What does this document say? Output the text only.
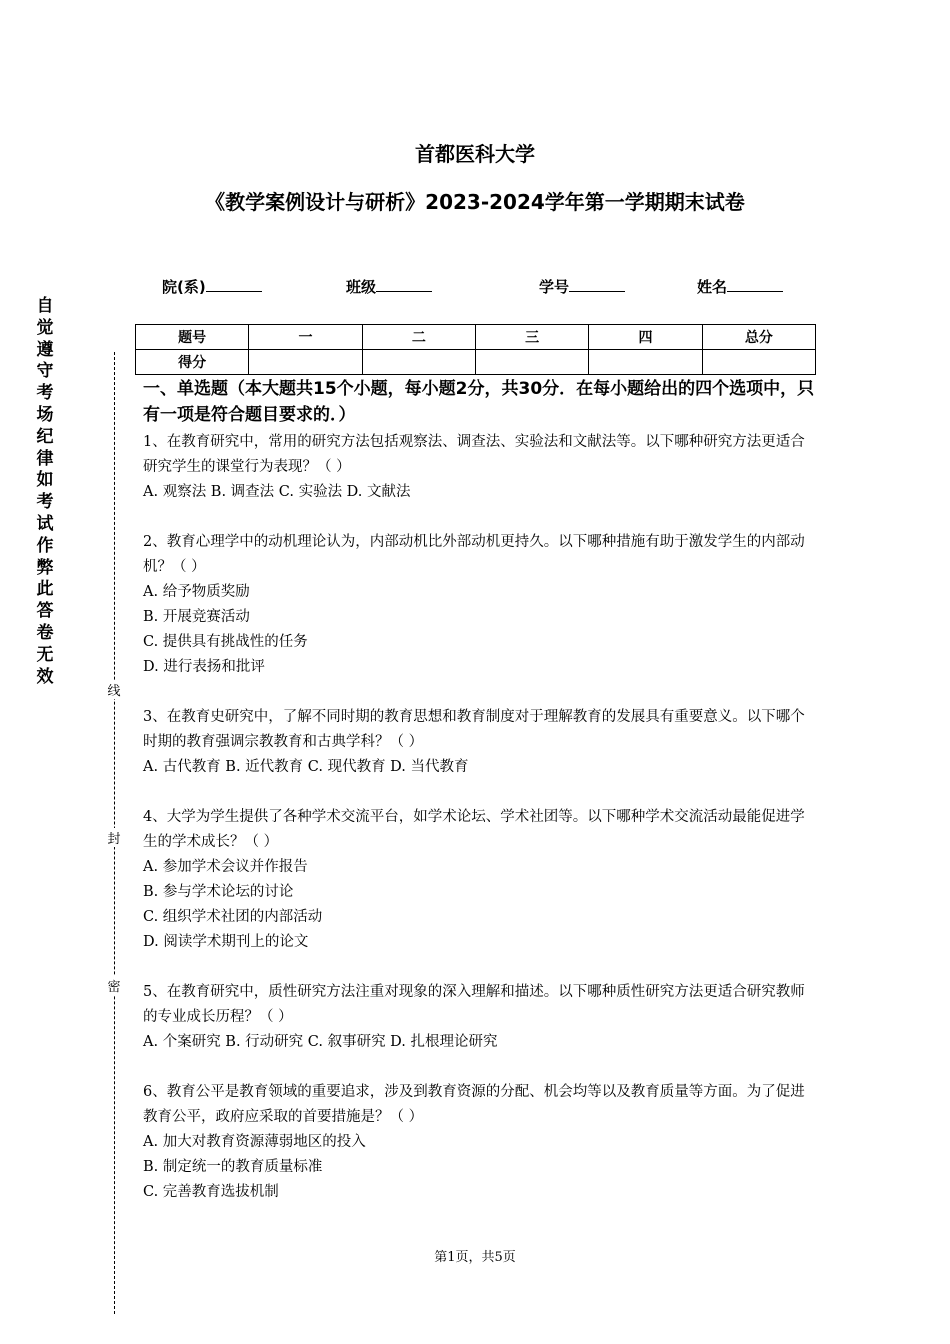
首都医科大学
《教学案例设计与研析》2023-2024学年第一学期期末试卷
院(系)	班级	学号	姓名
题号	一	二	三	四	总分
得分					
自觉遵守考场纪律如考试作弊此答卷无效
线
封
密
一、单选题（本大题共15个小题，每小题2分，共30分．在每小题给出的四个选项中，只有一项是符合题目要求的．）

1、在教育研究中，常用的研究方法包括观察法、调查法、实验法和文献法等。以下哪种研究方法更适合研究学生的课堂行为表现？（ ）

A. 观察法 B. 调查法 C. 实验法 D. 文献法

2、教育心理学中的动机理论认为，内部动机比外部动机更持久。以下哪种措施有助于激发学生的内部动机？（ ）

A. 给予物质奖励

B. 开展竞赛活动

C. 提供具有挑战性的任务

D. 进行表扬和批评

3、在教育史研究中，了解不同时期的教育思想和教育制度对于理解教育的发展具有重要意义。以下哪个时期的教育强调宗教教育和古典学科？（ ）

A. 古代教育 B. 近代教育 C. 现代教育 D. 当代教育

4、大学为学生提供了各种学术交流平台，如学术论坛、学术社团等。以下哪种学术交流活动最能促进学生的学术成长？（ ）

A. 参加学术会议并作报告

B. 参与学术论坛的讨论

C. 组织学术社团的内部活动

D. 阅读学术期刊上的论文

5、在教育研究中，质性研究方法注重对现象的深入理解和描述。以下哪种质性研究方法更适合研究教师的专业成长历程？（ ）

A. 个案研究 B. 行动研究 C. 叙事研究 D. 扎根理论研究

6、教育公平是教育领域的重要追求，涉及到教育资源的分配、机会均等以及教育质量等方面。为了促进教育公平，政府应采取的首要措施是？（ ）

A. 加大对教育资源薄弱地区的投入

B. 制定统一的教育质量标准

C. 完善教育选拔机制

第1页，共5页
